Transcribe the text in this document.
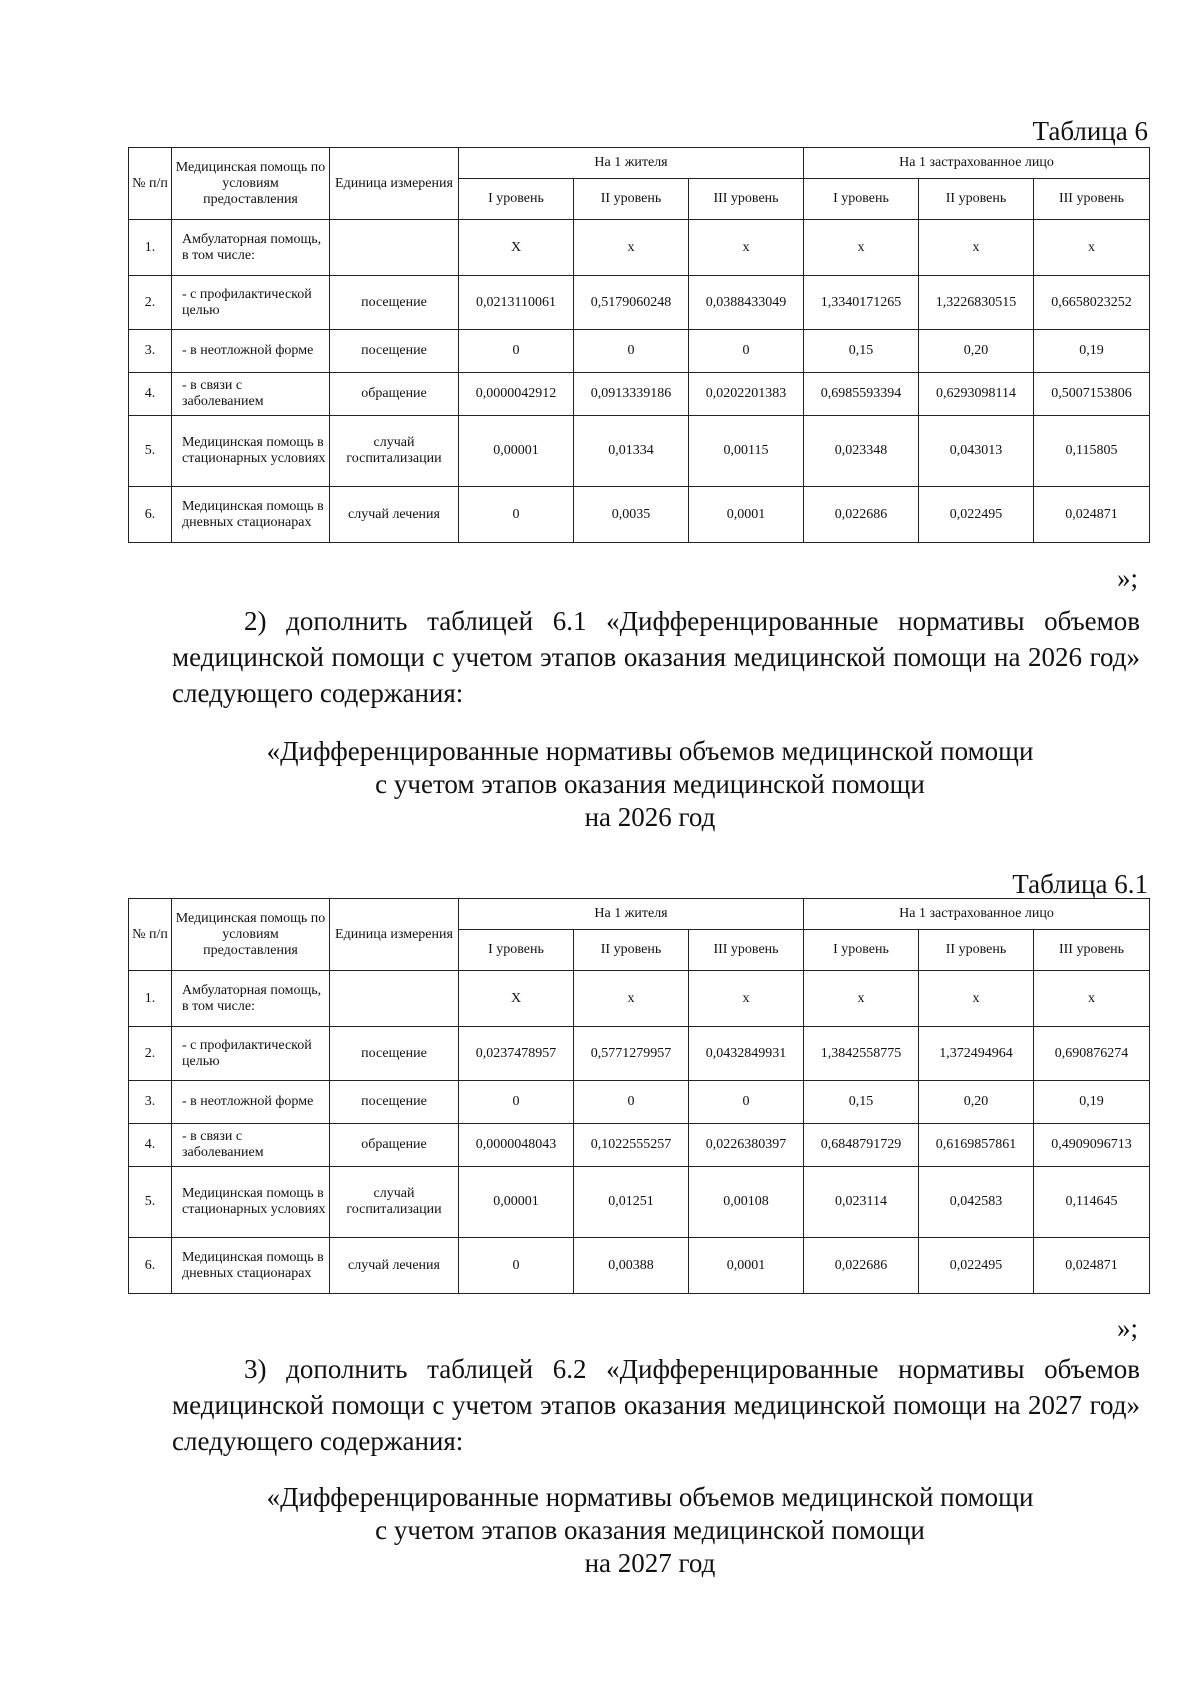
Таблица 6
№ п/п	Медицинская помощь по условиям предоставления	Единица измерения	На 1 жителя			На 1 застрахованное лицо		
			I уровень	II уровень	III уровень	I уровень	II уровень	III уровень
1.	Амбулаторная помощь, в том числе:		Х	х	х	х	х	х
2.	- с профилактической целью	посещение	0,0213110061	0,5179060248	0,0388433049	1,3340171265	1,3226830515	0,6658023252
3.	- в неотложной форме	посещение	0	0	0	0,15	0,20	0,19
4.	- в связи с заболеванием	обращение	0,0000042912	0,0913339186	0,0202201383	0,6985593394	0,6293098114	0,5007153806
5.	Медицинская помощь в стационарных условиях	случай госпитализации	0,00001	0,01334	0,00115	0,023348	0,043013	0,115805
6.	Медицинская помощь в дневных стационарах	случай лечения	0	0,0035	0,0001	0,022686	0,022495	0,024871
»;
2) дополнить таблицей 6.1 «Дифференцированные нормативы объемов медицинской помощи с учетом этапов оказания медицинской помощи на 2026 год» следующего содержания:
«Дифференцированные нормативы объемов медицинской помощи
с учетом этапов оказания медицинской помощи
на 2026 год
Таблица 6.1
№ п/п	Медицинская помощь по условиям предоставления	Единица измерения	На 1 жителя			На 1 застрахованное лицо		
			I уровень	II уровень	III уровень	I уровень	II уровень	III уровень
1.	Амбулаторная помощь, в том числе:		Х	х	х	х	х	х
2.	- с профилактической целью	посещение	0,0237478957	0,5771279957	0,0432849931	1,3842558775	1,372494964	0,690876274
3.	- в неотложной форме	посещение	0	0	0	0,15	0,20	0,19
4.	- в связи с заболеванием	обращение	0,0000048043	0,1022555257	0,0226380397	0,6848791729	0,6169857861	0,4909096713
5.	Медицинская помощь в стационарных условиях	случай госпитализации	0,00001	0,01251	0,00108	0,023114	0,042583	0,114645
6.	Медицинская помощь в дневных стационарах	случай лечения	0	0,00388	0,0001	0,022686	0,022495	0,024871
»;
3) дополнить таблицей 6.2 «Дифференцированные нормативы объемов медицинской помощи с учетом этапов оказания медицинской помощи на 2027 год» следующего содержания:
«Дифференцированные нормативы объемов медицинской помощи
с учетом этапов оказания медицинской помощи
на 2027 год
